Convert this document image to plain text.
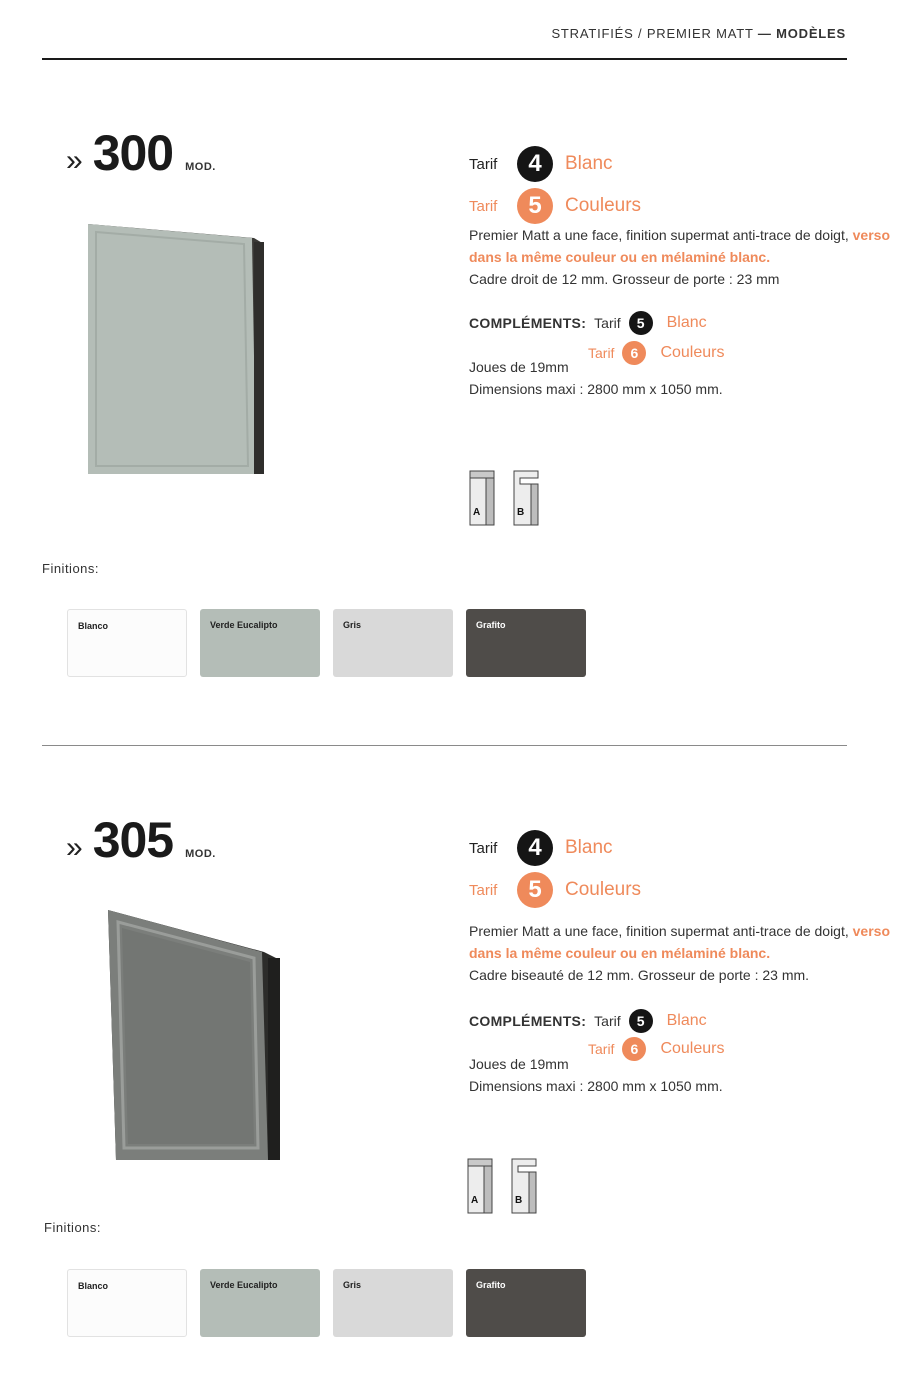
STRATIFIÉS / PREMIER MATT — MODÈLES
» 300 MOD.	Tarif	4	Blanc
Tarif	5	Couleurs
Premier Matt a une face, finition supermat anti-trace de doigt, verso dans la même couleur ou en mélaminé blanc.
Cadre droit de 12 mm. Grosseur de porte : 23 mm
COMPLÉMENTS: Tarif	5	Blanc
Tarif	6	Couleurs
Joues de 19mm
Dimensions maxi : 2800 mm x 1050 mm.
A	B
Finitions:
Blanco	Verde Eucalipto	Gris	Grafito
» 305 MOD.	Tarif	4	Blanc
Tarif	5	Couleurs
Premier Matt a une face, finition supermat anti-trace de doigt, verso dans la même couleur ou en mélaminé blanc.
Cadre biseauté de 12 mm. Grosseur de porte : 23 mm.
COMPLÉMENTS: Tarif	5	Blanc
Tarif	6	Couleurs
Joues de 19mm
Dimensions maxi : 2800 mm x 1050 mm.
A	B
Finitions:
Blanco	Verde Eucalipto	Gris	Grafito
